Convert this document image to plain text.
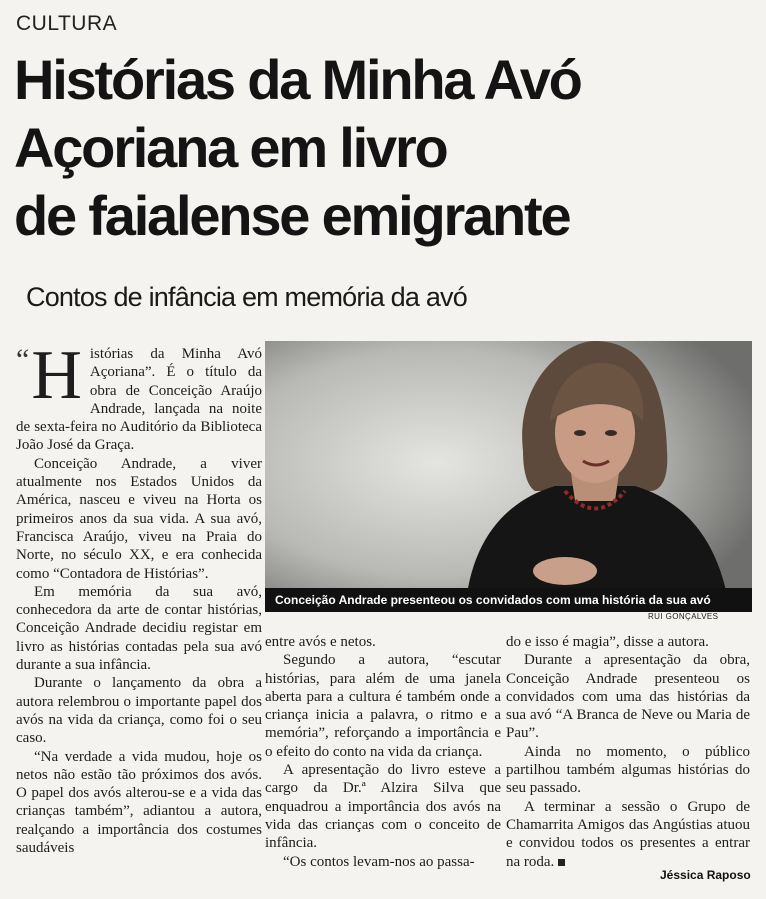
CULTURA
Histórias da Minha Avó
Açoriana em livro
de faialense emigrante
Contos de infância em memória da avó

“ H istórias da Minha Avó Açoriana”. É o título da obra de Conceição Araújo Andrade, lançada na noite de sexta-feira no Auditório da Biblioteca João José da Graça.

Conceição Andrade, a viver atualmente nos Estados Unidos da América, nasceu e viveu na Horta os primeiros anos da sua vida. A sua avó, Francisca Araújo, viveu na Praia do Norte, no século XX, e era conhecida como “Contadora de Histórias”.

Em memória da sua avó, conhecedora da arte de contar histórias, Conceição Andrade decidiu registar em livro as histórias contadas pela sua avó durante a sua infância.

Durante o lançamento da obra a autora relembrou o importante papel dos avós na vida da criança, como foi o seu caso.

“Na verdade a vida mudou, hoje os netos não estão tão próximos dos avós. O papel dos avós alterou-se e a vida das crianças também”, adiantou a autora, realçando a importância dos costumes saudáveis

Conceição Andrade presenteou os convidados com uma história da sua avó
RUI GONÇALVES

entre avós e netos.

Segundo a autora, “escutar histórias, para além de uma janela aberta para a cultura é também onde a criança inicia a palavra, o ritmo e a memória”, reforçando a importância e o efeito do conto na vida da criança.

A apresentação do livro esteve a cargo da Dr.ª Alzira Silva que enquadrou a importância dos avós na vida das crianças com o conceito de infância.

“Os contos levam-nos ao passa-

do e isso é magia”, disse a autora.

Durante a apresentação da obra, Conceição Andrade presenteou os convidados com uma das histórias da sua avó “A Branca de Neve ou Maria de Pau”.

Ainda no momento, o público partilhou também algumas histórias do seu passado.

A terminar a sessão o Grupo de Chamarrita Amigos das Angústias atuou e convidou todos os presentes a entrar na roda.

Jéssica Raposo
